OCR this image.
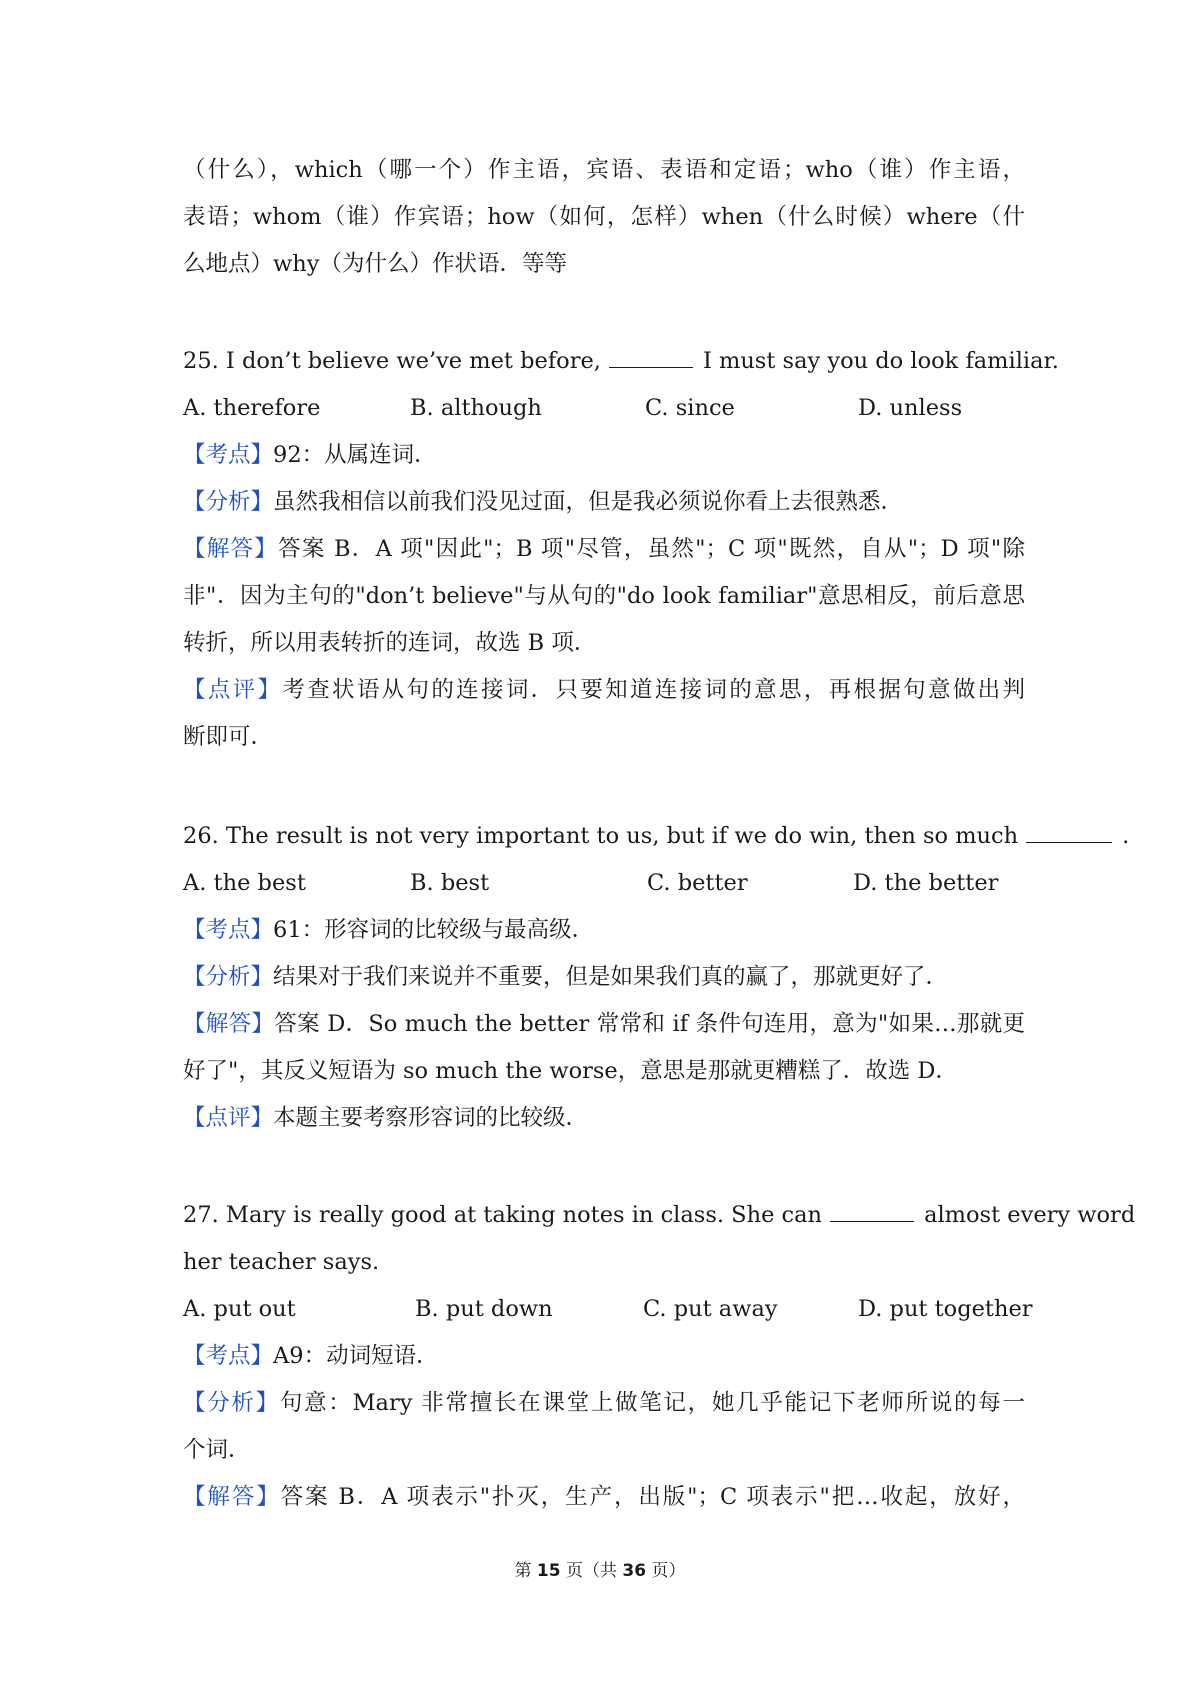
（什么），which（哪一个）作主语，宾语、表语和定语；who（谁）作主语，
表语；whom（谁）作宾语；how（如何，怎样）when（什么时候）where（什
么地点）why（为什么）作状语．等等
25. I don’t believe we’ve met before,	I must say you do look familiar.
A. therefore	B. although	C. since	D. unless
【考点】92：从属连词．
【分析】虽然我相信以前我们没见过面，但是我必须说你看上去很熟悉．
【解答】答案 B．A 项"因此"；B 项"尽管，虽然"；C 项"既然，自从"；D 项"除
非"．因为主句的"don’t believe"与从句的"do look familiar"意思相反，前后意思
转折，所以用表转折的连词，故选 B 项．
【点评】考查状语从句的连接词．只要知道连接词的意思，再根据句意做出判
断即可．
26. The result is not very important to us, but if we do win, then so much	.
A. the best	B. best	C. better	D. the better
【考点】61：形容词的比较级与最高级．
【分析】结果对于我们来说并不重要，但是如果我们真的赢了，那就更好了．
【解答】答案 D．So much the better 常常和 if 条件句连用，意为"如果…那就更
好了"，其反义短语为 so much the worse，意思是那就更糟糕了．故选 D．
【点评】本题主要考察形容词的比较级．
27. Mary is really good at taking notes in class. She can	almost every word
her teacher says.
A. put out	B. put down	C. put away	D. put together
【考点】A9：动词短语．
【分析】句意：Mary 非常擅长在课堂上做笔记，她几乎能记下老师所说的每一
个词．
【解答】答案 B．A 项表示"扑灭，生产，出版"；C 项表示"把…收起，放好，
第 15 页（共 36 页）
